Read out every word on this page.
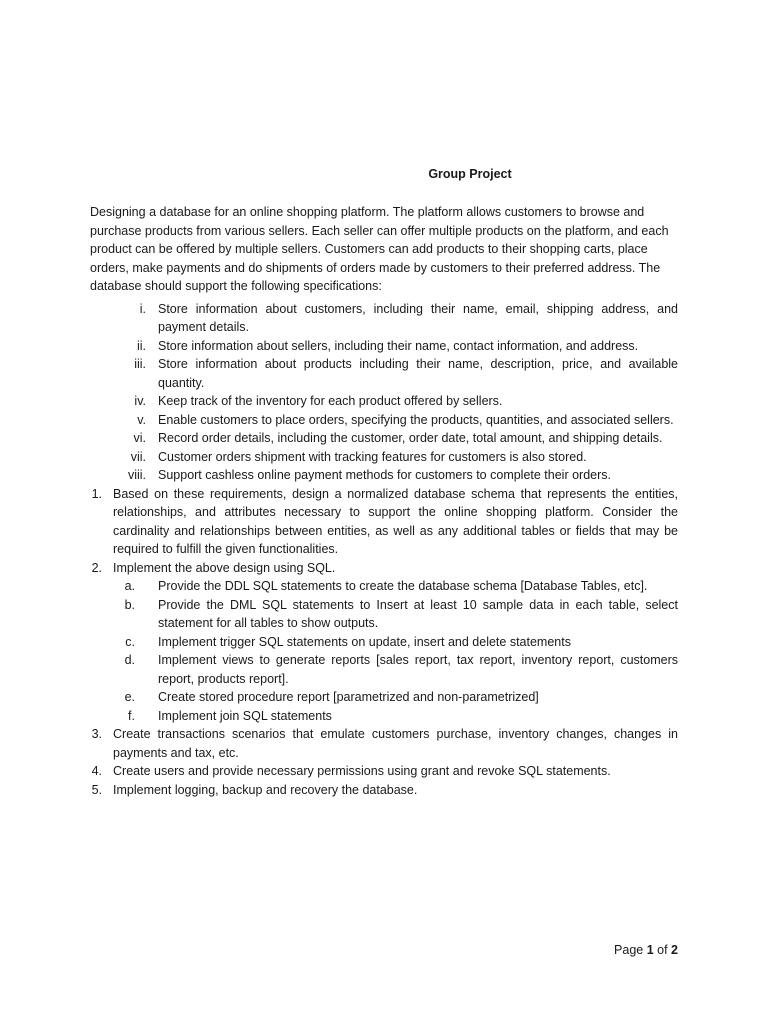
Group Project

Designing a database for an online shopping platform. The platform allows customers to browse and purchase products from various sellers. Each seller can offer multiple products on the platform, and each product can be offered by multiple sellers. Customers can add products to their shopping carts, place orders, make payments and do shipments of orders made by customers to their preferred address. The database should support the following specifications:

i. Store information about customers, including their name, email, shipping address, and payment details.
ii. Store information about sellers, including their name, contact information, and address.
iii. Store information about products including their name, description, price, and available quantity.
iv. Keep track of the inventory for each product offered by sellers.
v. Enable customers to place orders, specifying the products, quantities, and associated sellers.
vi. Record order details, including the customer, order date, total amount, and shipping details.
vii. Customer orders shipment with tracking features for customers is also stored.
viii. Support cashless online payment methods for customers to complete their orders.
1. Based on these requirements, design a normalized database schema that represents the entities, relationships, and attributes necessary to support the online shopping platform. Consider the cardinality and relationships between entities, as well as any additional tables or fields that may be required to fulfill the given functionalities.
2. Implement the above design using SQL.
a.	Provide the DDL SQL statements to create the database schema [Database Tables, etc].
b.	Provide the DML SQL statements to Insert at least 10 sample data in each table, select statement for all tables to show outputs.
c.	Implement trigger SQL statements on update, insert and delete statements
d.	Implement views to generate reports [sales report, tax report, inventory report, customers report, products report].
e.	Create stored procedure report [parametrized and non-parametrized]
f.	Implement join SQL statements
3. Create transactions scenarios that emulate customers purchase, inventory changes, changes in payments and tax, etc.
4. Create users and provide necessary permissions using grant and revoke SQL statements.
5. Implement logging, backup and recovery the database.
Page 1 of 2
